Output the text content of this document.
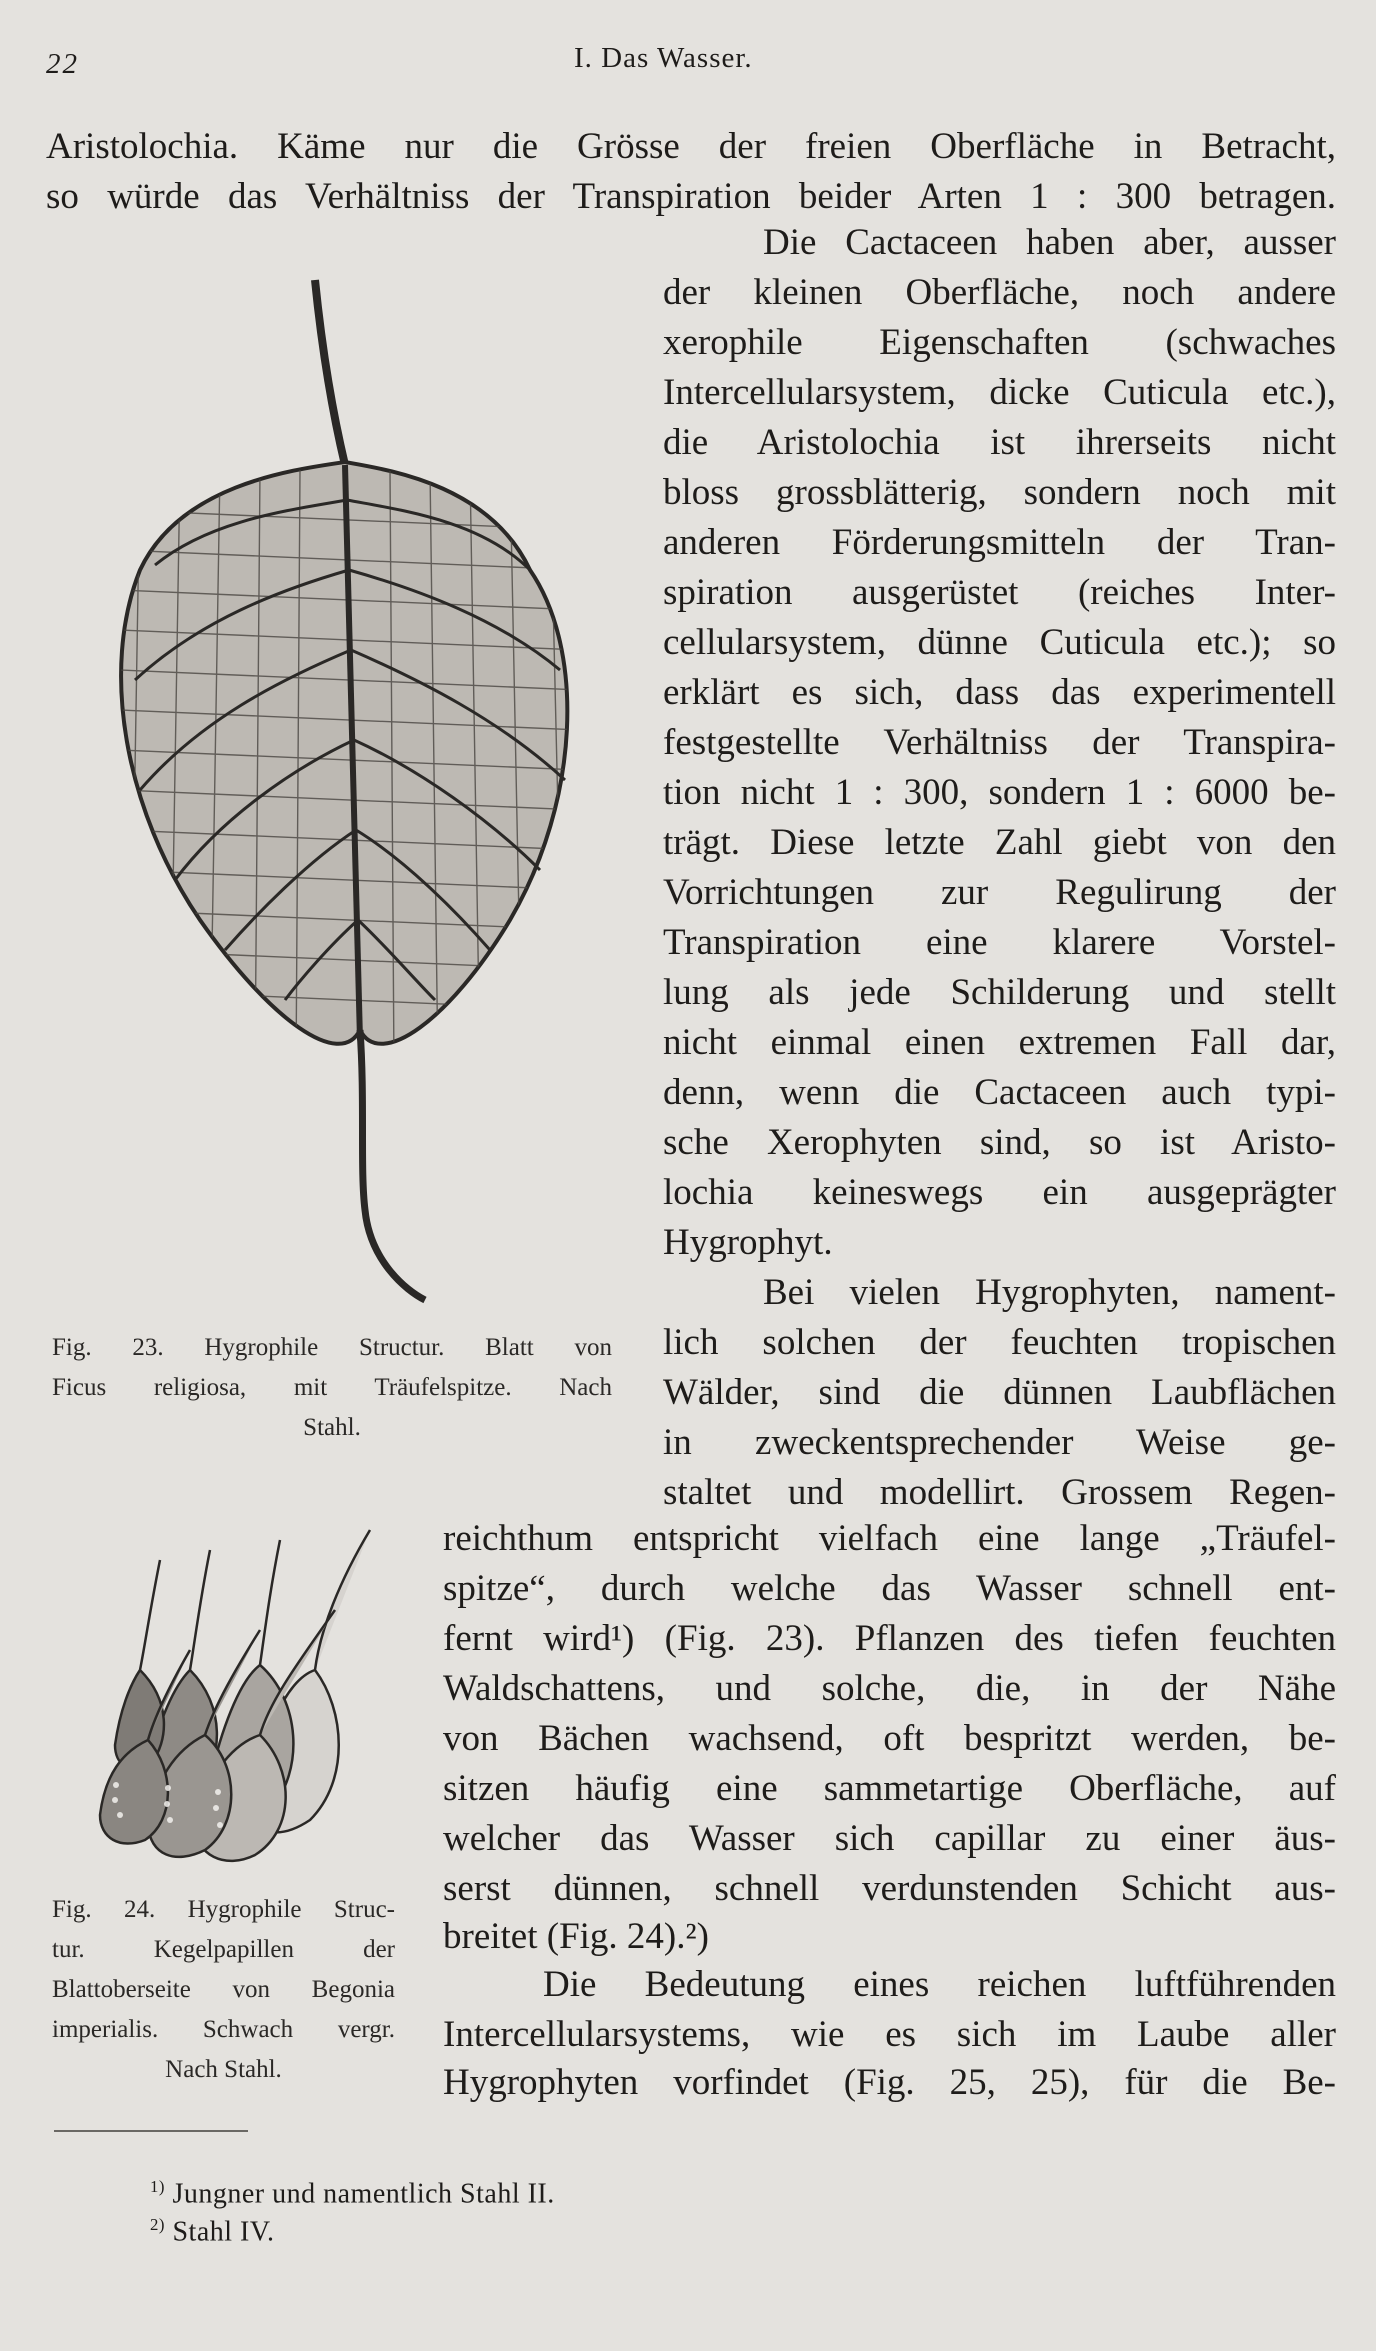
22	I. Das Wasser.
Aristolochia. Käme nur die Grösse der freien Oberfläche in Betracht,
so würde das Verhältniss der Transpiration beider Arten 1 : 300 betragen.
Die Cactaceen haben aber, ausser
der kleinen Oberfläche, noch andere
xerophile Eigenschaften (schwaches
Intercellularsystem, dicke Cuticula etc.),
die Aristolochia ist ihrerseits nicht
bloss grossblätterig, sondern noch mit
anderen Förderungsmitteln der Tran-
spiration ausgerüstet (reiches Inter-
cellularsystem, dünne Cuticula etc.); so
erklärt es sich, dass das experimentell
festgestellte Verhältniss der Transpira-
tion nicht 1 : 300, sondern 1 : 6000 be-
trägt. Diese letzte Zahl giebt von den
Vorrichtungen zur Regulirung der
Transpiration eine klarere Vorstel-
lung als jede Schilderung und stellt
nicht einmal einen extremen Fall dar,
denn, wenn die Cactaceen auch typi-
sche Xerophyten sind, so ist Aristo-
lochia keineswegs ein ausgeprägter
Hygrophyt.
Bei vielen Hygrophyten, nament-
lich solchen der feuchten tropischen
Wälder, sind die dünnen Laubflächen
in zweckentsprechender Weise ge-
staltet und modellirt. Grossem Regen-
reichthum entspricht vielfach eine lange „Träufel-
spitze“, durch welche das Wasser schnell ent-
fernt wird¹) (Fig. 23). Pflanzen des tiefen feuchten
Waldschattens, und solche, die, in der Nähe
von Bächen wachsend, oft bespritzt werden, be-
sitzen häufig eine sammetartige Oberfläche, auf
welcher das Wasser sich capillar zu einer äus-
serst dünnen, schnell verdunstenden Schicht aus-
breitet (Fig. 24).²)
Die Bedeutung eines reichen luftführenden
Intercellularsystems, wie es sich im Laube aller
Hygrophyten vorfindet (Fig. 25, 25), für die Be-
Fig. 23. Hygrophile Structur. Blatt von
Ficus religiosa, mit Träufelspitze. Nach
Stahl.
Fig. 24. Hygrophile Struc-
tur. Kegelpapillen der
Blattoberseite von Begonia
imperialis. Schwach vergr.
Nach Stahl.
$^{1)}$ Jungner und namentlich Stahl II.
$^{2)}$ Stahl IV.
